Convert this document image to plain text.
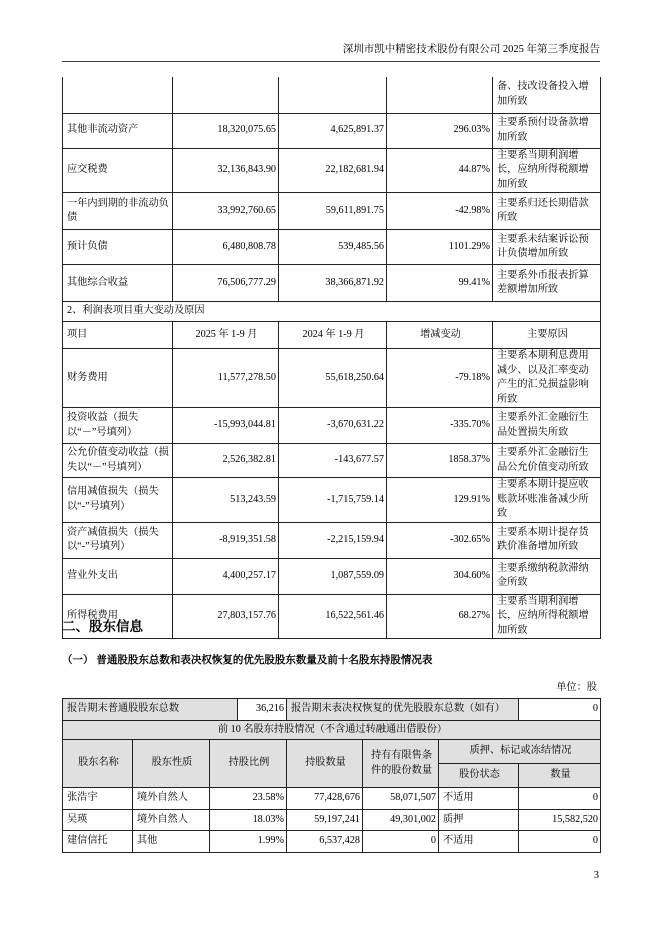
深圳市凯中精密技术股份有限公司 2025 年第三季度报告
				备、技改设备投入增加所致
其他非流动资产	18,320,075.65	4,625,891.37	296.03%	主要系预付设备款增加所致
应交税费	32,136,843.90	22,182,681.94	44.87%	主要系当期利润增长，应纳所得税额增加所致
一年内到期的非流动负债	33,992,760.65	59,611,891.75	-42.98%	主要系归还长期借款所致
预计负债	6,480,808.78	539,485.56	1101.29%	主要系未结案诉讼预计负债增加所致
其他综合收益	76,506,777.29	38,366,871.92	99.41%	主要系外币报表折算差额增加所致
2、利润表项目重大变动及原因				
项目	2025 年 1-9 月	2024 年 1-9 月	增减变动	主要原因
财务费用	11,577,278.50	55,618,250.64	-79.18%	主要系本期利息费用减少、以及汇率变动产生的汇兑损益影响所致
投资收益（损失以“－”号填列）	-15,993,044.81	-3,670,631.22	-335.70%	主要系外汇金融衍生品处置损失所致
公允价值变动收益（损失以“－”号填列）	2,526,382.81	-143,677.57	1858.37%	主要系外汇金融衍生品公允价值变动所致
信用减值损失（损失以“-”号填列）	513,243.59	-1,715,759.14	129.91%	主要系本期计提应收账款坏账准备减少所致
资产减值损失（损失以“-”号填列）	-8,919,351.58	-2,215,159.94	-302.65%	主要系本期计提存货跌价准备增加所致
营业外支出	4,400,257.17	1,087,559.09	304.60%	主要系缴纳税款滞纳金所致
所得税费用	27,803,157.76	16,522,561.46	68.27%	主要系当期利润增长，应纳所得税额增加所致
二、股东信息
（一） 普通股股东总数和表决权恢复的优先股股东数量及前十名股东持股情况表
单位：股
报告期末普通股股东总数			36,216	报告期末表决权恢复的优先股股东总数（如有）			0
前 10 名股东持股情况（不含通过转融通出借股份）							
股东名称	股东性质	持股比例		持股数量	持有有限售条件的股份数量	质押、标记或冻结情况	
						股份状态	数量
张浩宇	境外自然人	23.58%		77,428,676	58,071,507	不适用	0
吴瑛	境外自然人	18.03%		59,197,241	49,301,002	质押	15,582,520
建信信托	其他	1.99%		6,537,428	0	不适用	0
3
